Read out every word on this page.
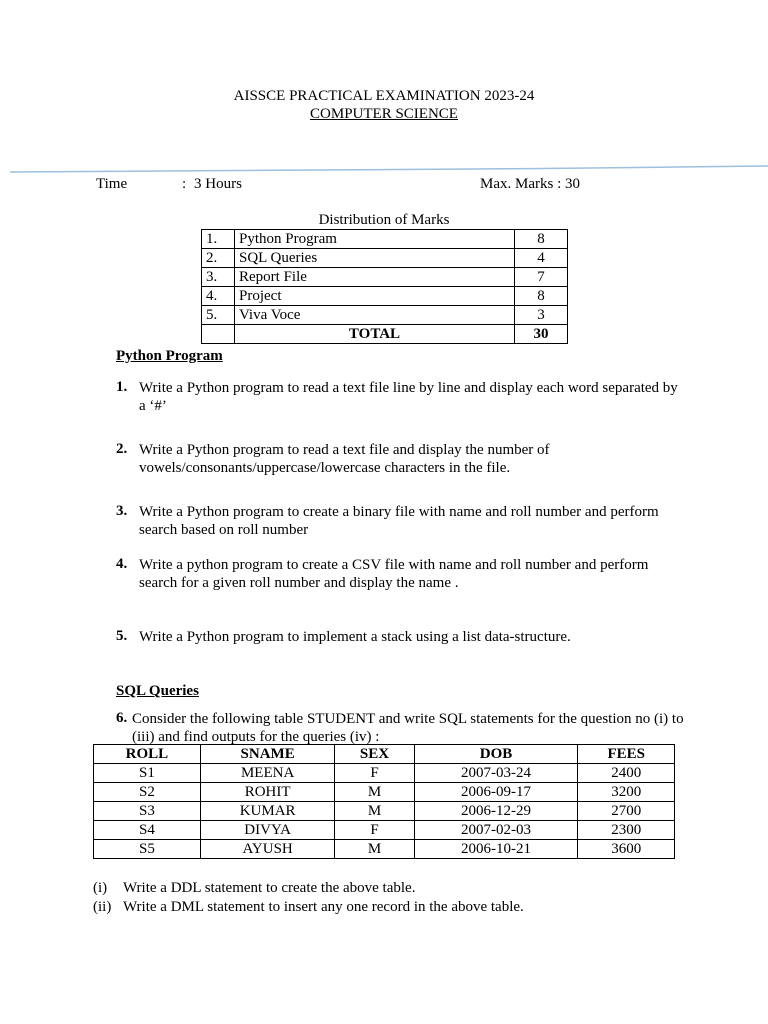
AISSCE PRACTICAL EXAMINATION 2023-24
COMPUTER SCIENCE
Time	: 3 Hours	Max. Marks : 30
Distribution of Marks
1.	Python Program	8
2.	SQL Queries	4
3.	Report File	7
4.	Project	8
5.	Viva Voce	3
	TOTAL	30
Python Program
1. Write a Python program to read a text file line by line and display each word separated by a ‘#’
2. Write a Python program to read a text file and display the number of vowels/consonants/uppercase/lowercase characters in the file.
3. Write a Python program to create a binary file with name and roll number and perform search based on roll number
4. Write a python program to create a CSV file with name and roll number and perform search for a given roll number and display the name .
5. Write a Python program to implement a stack using a list data-structure.
SQL Queries
6. Consider the following table STUDENT and write SQL statements for the question no (i) to (iii) and find outputs for the queries (iv) :
ROLL	SNAME	SEX	DOB	FEES
S1	MEENA	F	2007-03-24	2400
S2	ROHIT	M	2006-09-17	3200
S3	KUMAR	M	2006-12-29	2700
S4	DIVYA	F	2007-02-03	2300
S5	AYUSH	M	2006-10-21	3600
(i) Write a DDL statement to create the above table.
(ii) Write a DML statement to insert any one record in the above table.
